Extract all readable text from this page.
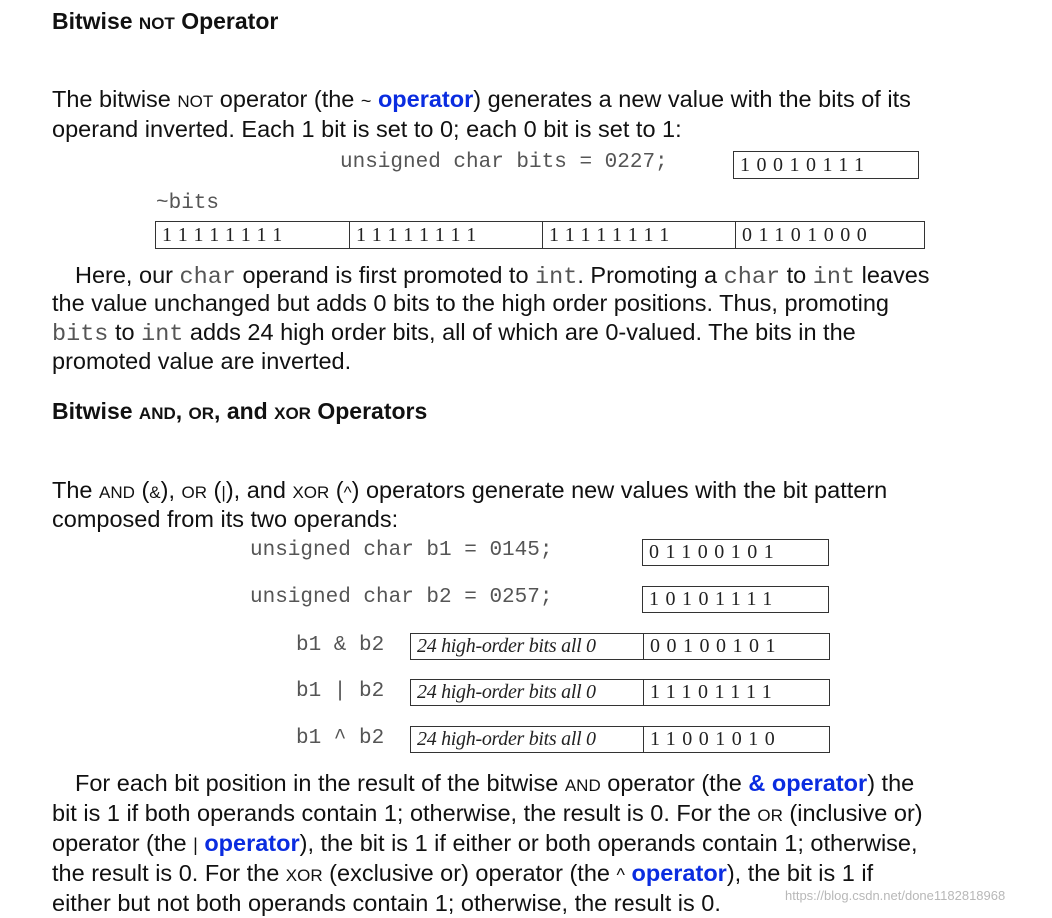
Bitwise NOT Operator
The bitwise NOT operator (the ~ operator) generates a new value with the bits of its
operand inverted. Each 1 bit is set to 0; each 0 bit is set to 1:
unsigned char bits = 0227;	10010111
~bits
11111111	11111111	11111111	01101000
Here, our char operand is first promoted to int. Promoting a char to int leaves
the value unchanged but adds 0 bits to the high order positions. Thus, promoting
bits to int adds 24 high order bits, all of which are 0-valued. The bits in the
promoted value are inverted.
Bitwise AND, OR, and XOR Operators
The AND (&), OR (|), and XOR (^) operators generate new values with the bit pattern
composed from its two operands:
unsigned char b1 = 0145;	01100101
unsigned char b2 = 0257;	10101111
b1 & b2	24 high-order bits all 0	00100101
b1 | b2	24 high-order bits all 0	11101111
b1 ^ b2	24 high-order bits all 0	11001010
For each bit position in the result of the bitwise AND operator (the & operator) the
bit is 1 if both operands contain 1; otherwise, the result is 0. For the OR (inclusive or)
operator (the | operator), the bit is 1 if either or both operands contain 1; otherwise,
the result is 0. For the XOR (exclusive or) operator (the ^ operator), the bit is 1 if
either but not both operands contain 1; otherwise, the result is 0.	https://blog.csdn.net/done1182818968
